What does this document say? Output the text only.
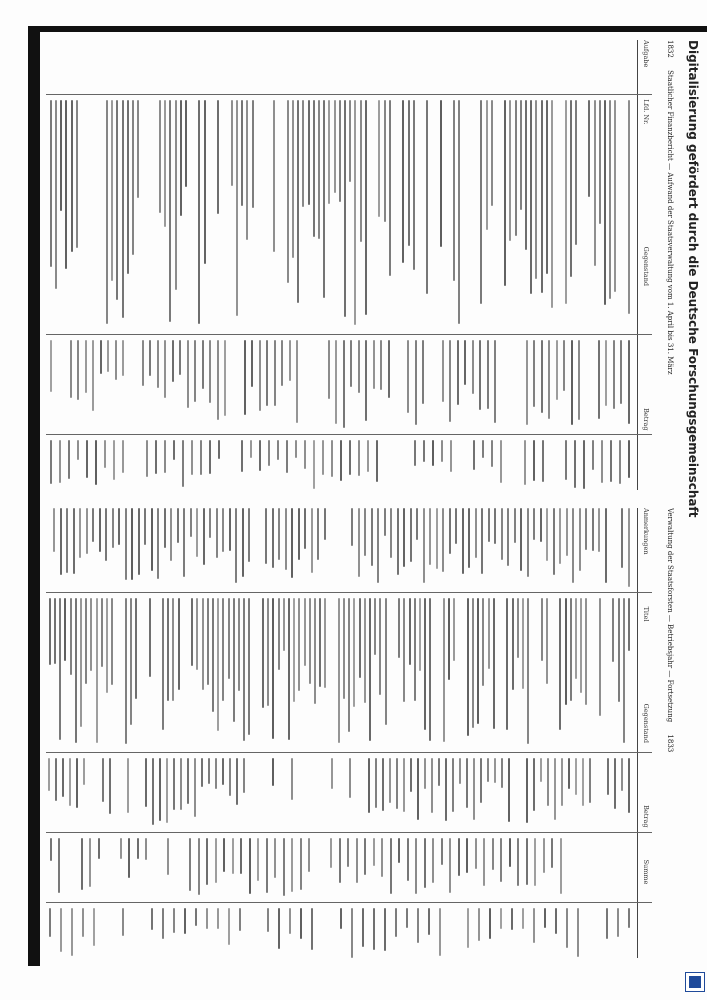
1832 Staatlicher Finanzbericht — Aufwand der Staatsverwaltung vom 1. April bis 31. März
Aufgabe Lfd. Nr. Gegenstand Betrag
Verwaltung der Staatsforsten — Betriebsjahr — Fortsetzung 1833
Anmerkungen Titel Gegenstand Betrag Summe
Digitalisierung gefördert durch die Deutsche Forschungsgemeinschaft
